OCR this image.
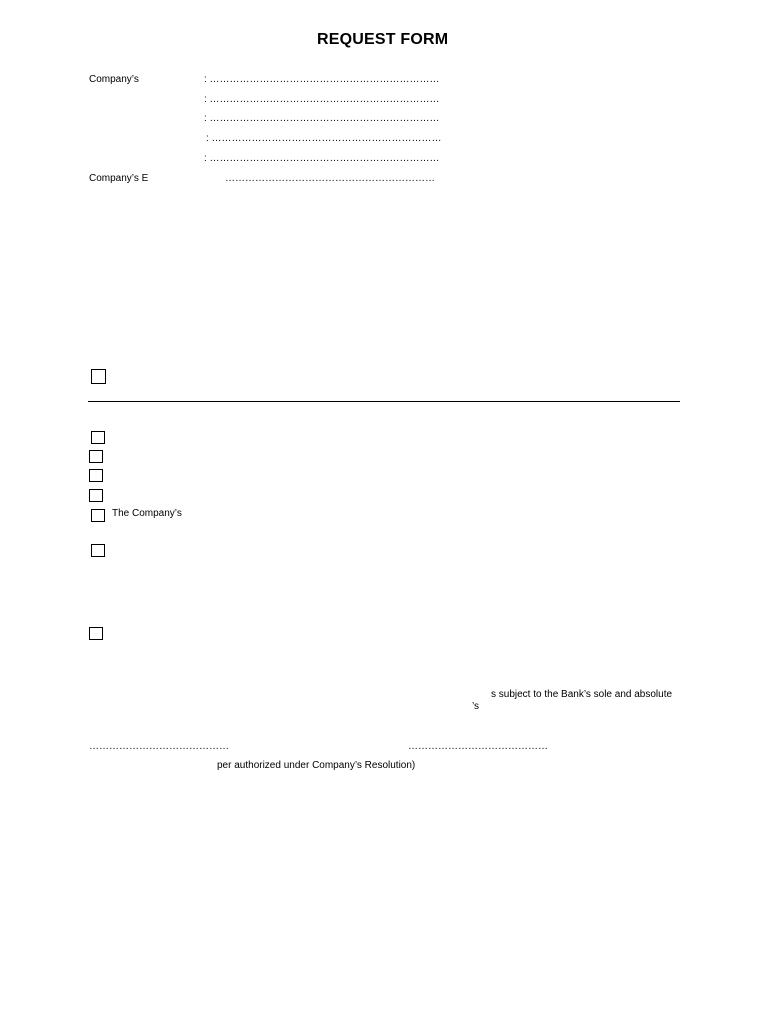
REQUEST FORM
Company’s	: ……………………………………………………………
: ……………………………………………………………
: ……………………………………………………………
: ……………………………………………………………
: ……………………………………………………………
Company’s E	………………………………………………………
The Company’s
s subject to the Bank’s sole and absolute
’s
……………………………………	……………………………………
per authorized under Company’s Resolution)
